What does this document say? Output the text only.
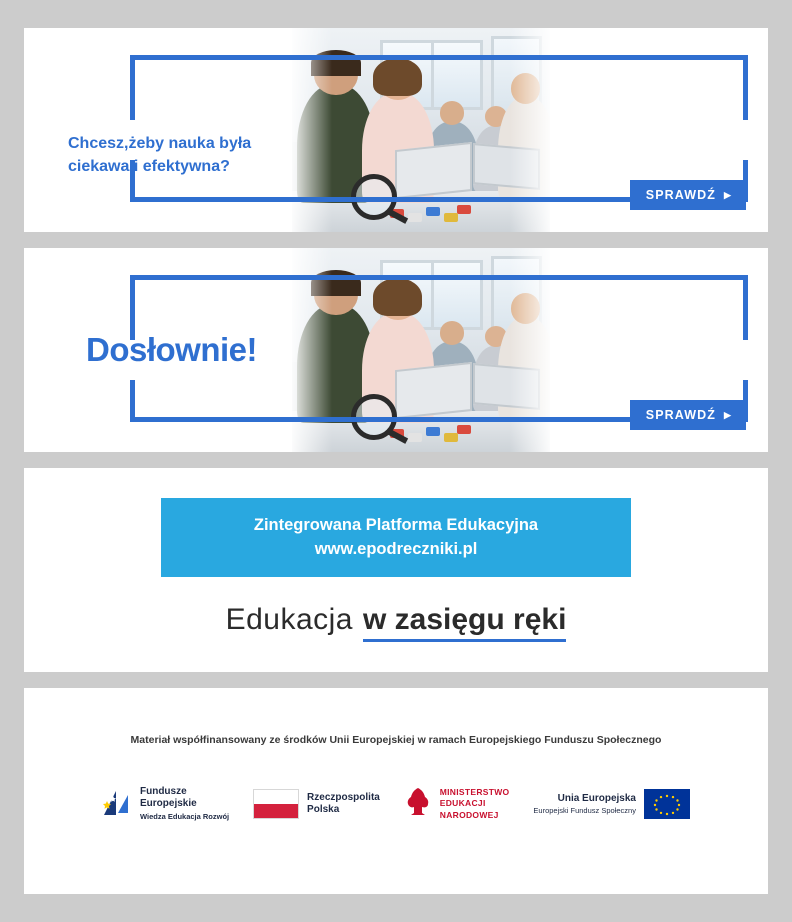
Chcesz,żeby nauka była ciekawa i efektywna?
SPRAWDŹ ▶
Dosłownie!
SPRAWDŹ ▶
Zintegrowana Platforma Edukacyjna
www.epodreczniki.pl
Edukacja w zasięgu ręki
Materiał współfinansowany ze środków Unii Europejskiej w ramach Europejskiego Funduszu Społecznego
Fundusze
Europejskie
Wiedza Edukacja Rozwój
Rzeczpospolita
Polska
MINISTERSTWO
EDUKACJI
NARODOWEJ
Unia Europejska
Europejski Fundusz Społeczny
